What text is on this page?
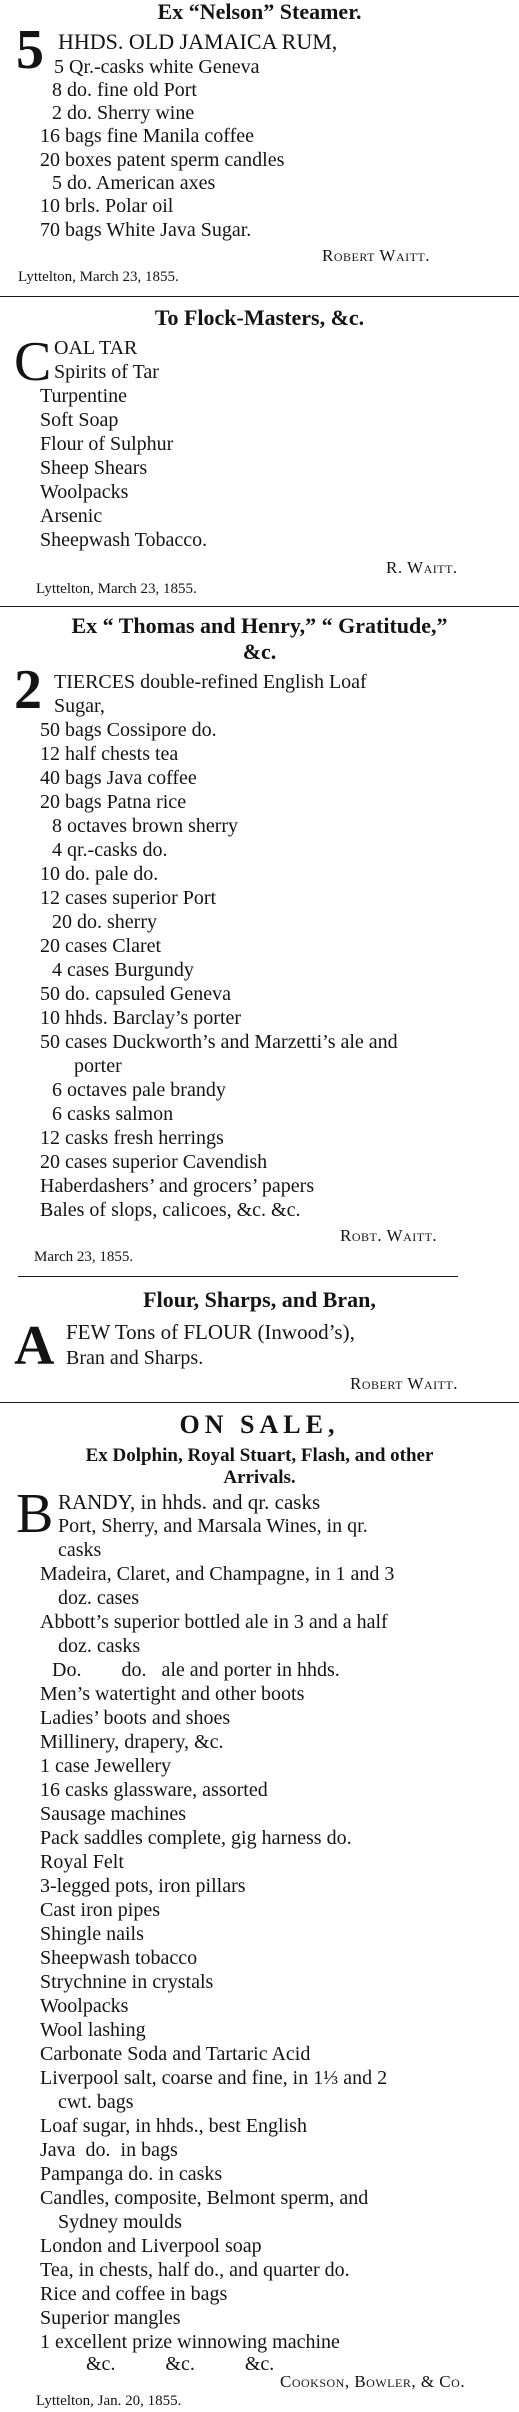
Ex “Nelson” Steamer.
5 HHDS. OLD JAMAICA RUM,
5 Qr.-casks white Geneva
8 do. fine old Port
2 do. Sherry wine
16 bags fine Manila coffee
20 boxes patent sperm candles
5 do. American axes
10 brls. Polar oil
70 bags White Java Sugar.
Robert Waitt.
Lyttelton, March 23, 1855.
To Flock-Masters, &c.
C OAL TAR
Spirits of Tar
Turpentine
Soft Soap
Flour of Sulphur
Sheep Shears
Woolpacks
Arsenic
Sheepwash Tobacco.
R. Waitt.
Lyttelton, March 23, 1855.
Ex “ Thomas and Henry,” “ Gratitude,”
&c.
2 TIERCES double-refined English Loaf
Sugar,
50 bags Cossipore do.
12 half chests tea
40 bags Java coffee
20 bags Patna rice
8 octaves brown sherry
4 qr.-casks do.
10 do. pale do.
12 cases superior Port
20 do. sherry
20 cases Claret
4 cases Burgundy
50 do. capsuled Geneva
10 hhds. Barclay’s porter
50 cases Duckworth’s and Marzetti’s ale and
porter
6 octaves pale brandy
6 casks salmon
12 casks fresh herrings
20 cases superior Cavendish
Haberdashers’ and grocers’ papers
Bales of slops, calicoes, &c. &c.
Robt. Waitt.
March 23, 1855.
Flour, Sharps, and Bran,
A FEW Tons of FLOUR (Inwood’s),
Bran and Sharps.
Robert Waitt.
ON SALE,
Ex Dolphin, Royal Stuart, Flash, and other
Arrivals.
B RANDY, in hhds. and qr. casks
Port, Sherry, and Marsala Wines, in qr.
casks
Madeira, Claret, and Champagne, in 1 and 3
doz. cases
Abbott’s superior bottled ale in 3 and a half
doz. casks
Do.        do.   ale and porter in hhds.
Men’s watertight and other boots
Ladies’ boots and shoes
Millinery, drapery, &c.
1 case Jewellery
16 casks glassware, assorted
Sausage machines
Pack saddles complete, gig harness do.
Royal Felt
3-legged pots, iron pillars
Cast iron pipes
Shingle nails
Sheepwash tobacco
Strychnine in crystals
Woolpacks
Wool lashing
Carbonate Soda and Tartaric Acid
Liverpool salt, coarse and fine, in 1⅓ and 2
cwt. bags
Loaf sugar, in hhds., best English
Java  do.  in bags
Pampanga do. in casks
Candles, composite, Belmont sperm, and
Sydney moulds
London and Liverpool soap
Tea, in chests, half do., and quarter do.
Rice and coffee in bags
Superior mangles
1 excellent prize winnowing machine
&c.          &c.          &c.
Cookson, Bowler, & Co.
Lyttelton, Jan. 20, 1855.
